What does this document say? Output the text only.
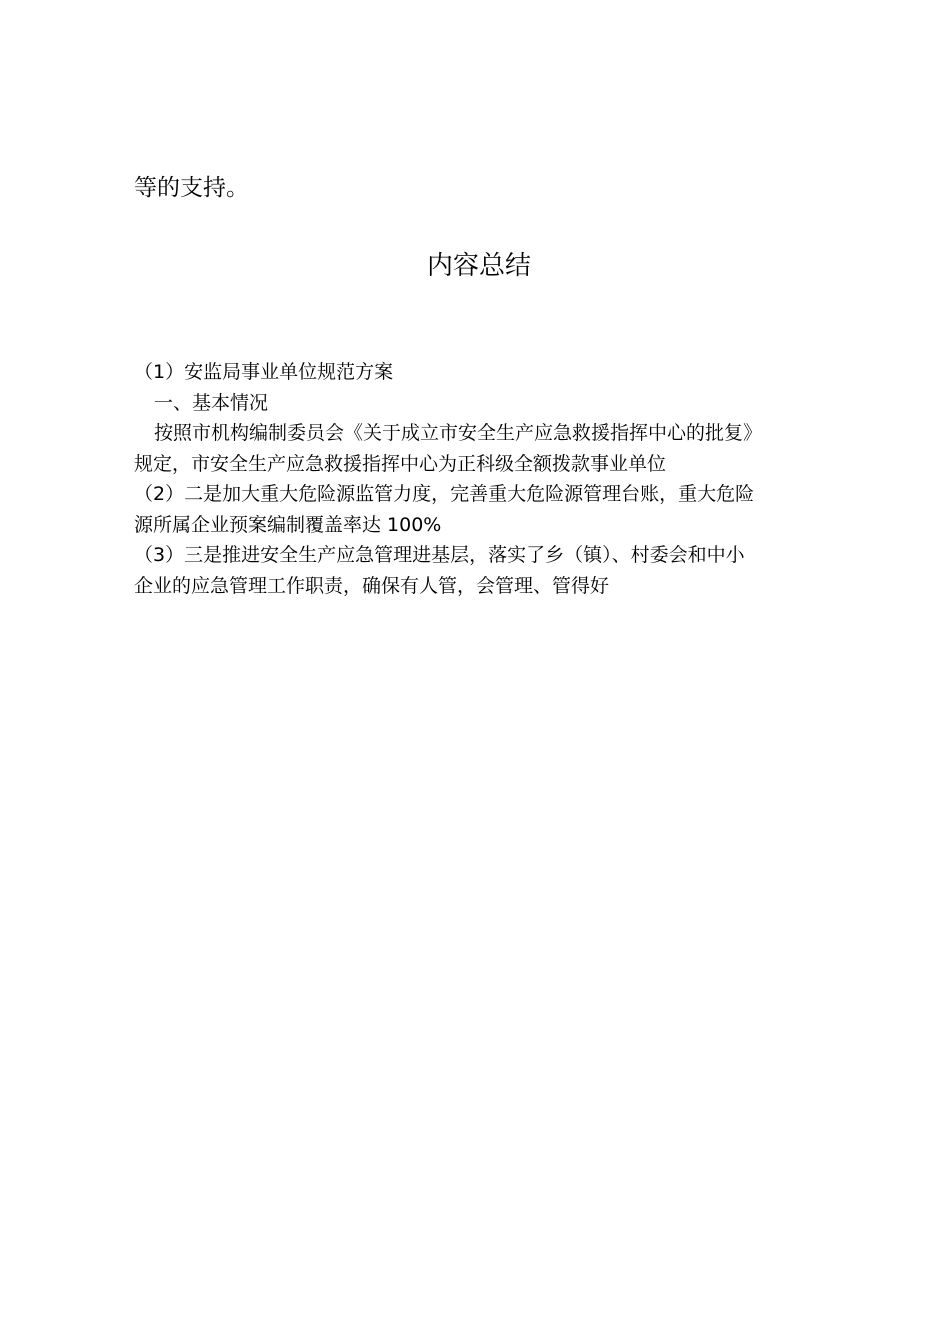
等的支持。
内容总结
（1）安监局事业单位规范方案
一、基本情况
按照市机构编制委员会《关于成立市安全生产应急救援指挥中心的批复》
规定，市安全生产应急救援指挥中心为正科级全额拨款事业单位
（2）二是加大重大危险源监管力度，完善重大危险源管理台账，重大危险
源所属企业预案编制覆盖率达 100%
（3）三是推进安全生产应急管理进基层，落实了乡（镇）、村委会和中小
企业的应急管理工作职责，确保有人管，会管理、管得好
